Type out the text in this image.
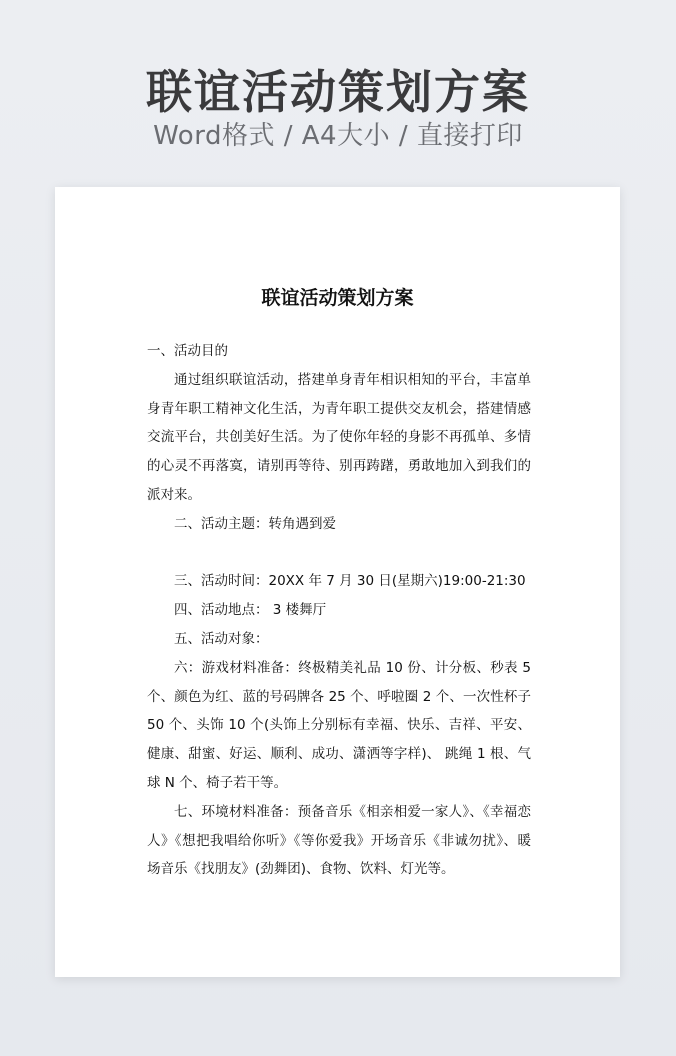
联谊活动策划方案
Word格式 / A4大小 / 直接打印
联谊活动策划方案

一、活动目的

通过组织联谊活动，搭建单身青年相识相知的平台，丰富单身青年职工精神文化生活，为青年职工提供交友机会，搭建情感交流平台，共创美好生活。为了使你年轻的身影不再孤单、多情的心灵不再落寞，请别再等待、别再踌躇，勇敢地加入到我们的派对来。

二、活动主题：转角遇到爱

三、活动时间：20XX 年 7 月 30 日(星期六)19:00-21:30

四、活动地点： 3 楼舞厅

五、活动对象：

六：游戏材料准备：终极精美礼品 10 份、计分板、秒表 5 个、颜色为红、蓝的号码牌各 25 个、呼啦圈 2 个、一次性杯子 50 个、头饰 10 个(头饰上分别标有幸福、快乐、吉祥、平安、健康、甜蜜、好运、顺利、成功、潇洒等字样)、 跳绳 1 根、气球 N 个、椅子若干等。

七、环境材料准备：预备音乐《相亲相爱一家人》、《幸福恋人》《想把我唱给你听》《等你爱我》开场音乐《非诚勿扰》、暖场音乐《找朋友》(劲舞团)、食物、饮料、灯光等。
